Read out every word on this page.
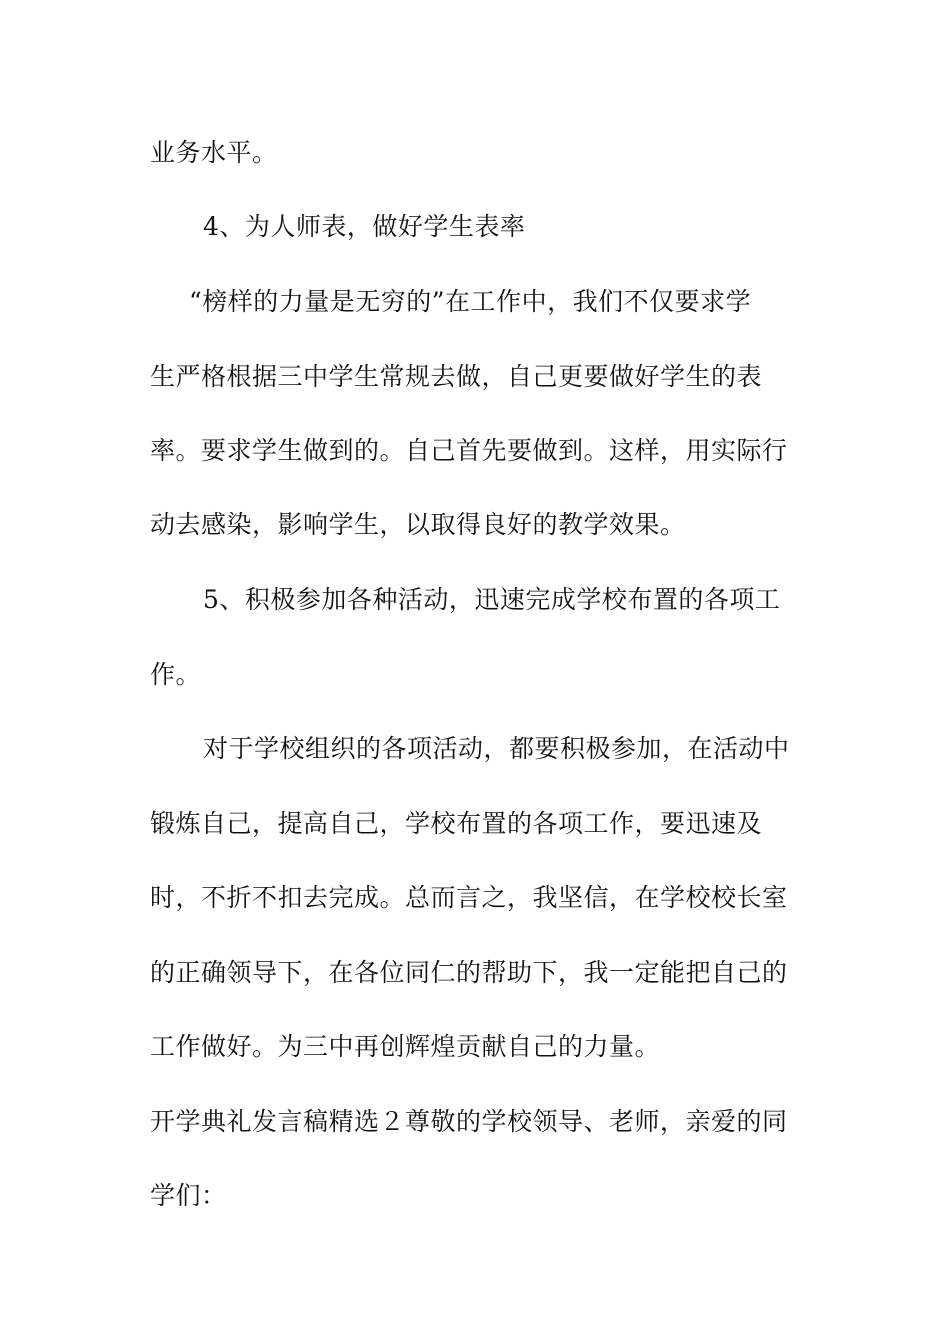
业务水平。
4、为人师表，做好学生表率
“榜样的力量是无穷的”在工作中，我们不仅要求学
生严格根据三中学生常规去做，自己更要做好学生的表
率。要求学生做到的。自己首先要做到。这样，用实际行
动去感染，影响学生，以取得良好的教学效果。
5、积极参加各种活动，迅速完成学校布置的各项工
作。
对于学校组织的各项活动，都要积极参加，在活动中
锻炼自己，提高自己，学校布置的各项工作，要迅速及
时，不折不扣去完成。总而言之，我坚信，在学校校长室
的正确领导下，在各位同仁的帮助下，我一定能把自己的
工作做好。为三中再创辉煌贡献自己的力量。
开学典礼发言稿精选２尊敬的学校领导、老师，亲爱的同
学们：
